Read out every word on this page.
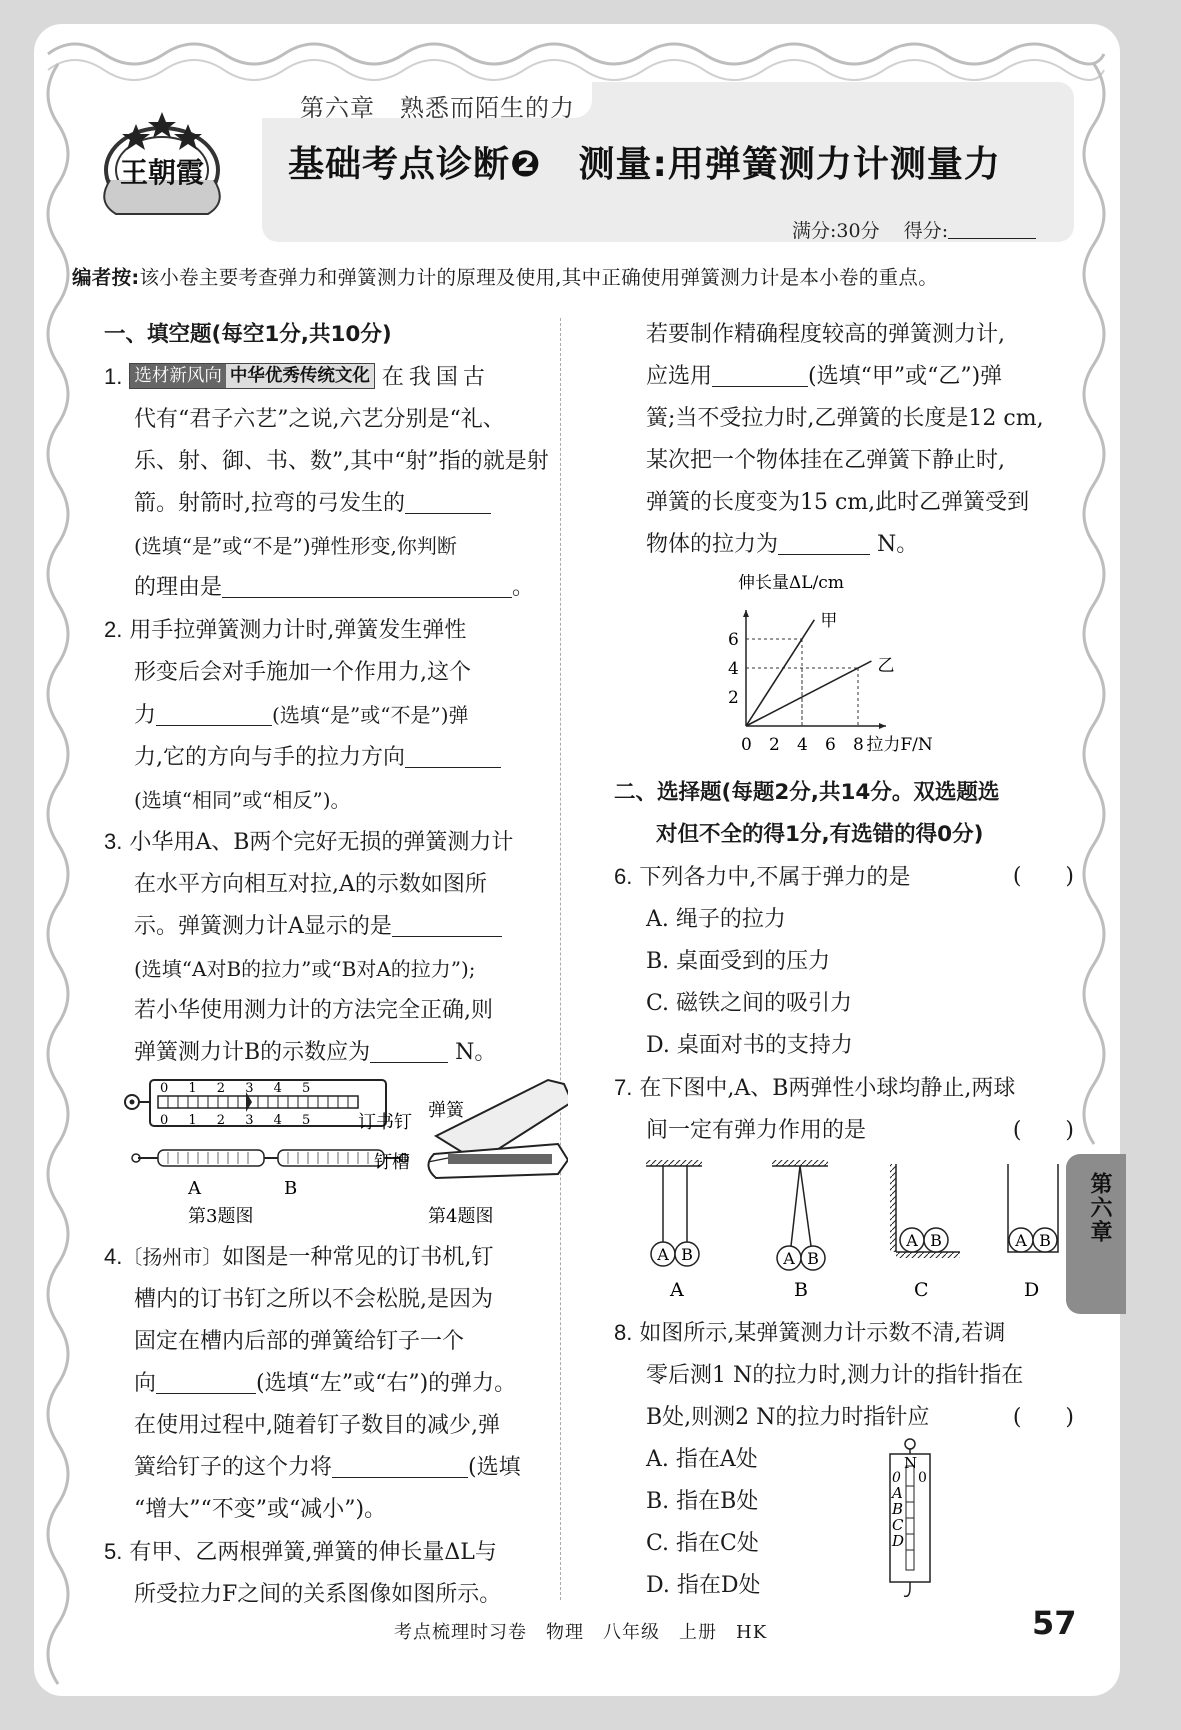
第六章　熟悉而陌生的力
基础考点诊断❷　测量:用弹簧测力计测量力
满分:30分 得分:
王朝霞
编者按:该小卷主要考查弹力和弹簧测力计的原理及使用,其中正确使用弹簧测力计是本小卷的重点。

一、填空题(每空1分,共10分)

1. 选材新风向 中华优秀传统文化 在我国古

代有“君子六艺”之说,六艺分别是“礼、

乐、射、御、书、数”,其中“射”指的就是射

箭。射箭时,拉弯的弓发生的

(选填“是”或“不是”)弹性形变,你判断

的理由是	。

2. 用手拉弹簧测力计时,弹簧发生弹性

形变后会对手施加一个作用力,这个

力	(选填“是”或“不是”)弹

力,它的方向与手的拉力方向

(选填“相同”或“相反”)。

3. 小华用A、B两个完好无损的弹簧测力计

在水平方向相互对拉,A的示数如图所

示。弹簧测力计A显示的是

(选填“A对B的拉力”或“B对A的拉力”);

若小华使用测力计的方法完全正确,则

弹簧测力计B的示数应为	N。

0 1 2 3 4 5
0 1 2 3 4 5
A	B
第3题图
订书钉
弹簧
钉槽
第4题图

4.〔扬州市〕如图是一种常见的订书机,钉

槽内的订书钉之所以不会松脱,是因为

固定在槽内后部的弹簧给钉子一个

向	(选填“左”或“右”)的弹力。

在使用过程中,随着钉子数目的减少,弹

簧给钉子的这个力将	(选填

“增大”“不变”或“减小”)。

5. 有甲、乙两根弹簧,弹簧的伸长量ΔL与

所受拉力F之间的关系图像如图所示。

若要制作精确程度较高的弹簧测力计,

应选用	(选填“甲”或“乙”)弹

簧;当不受拉力时,乙弹簧的长度是12 cm,

某次把一个物体挂在乙弹簧下静止时,

弹簧的长度变为15 cm,此时乙弹簧受到

物体的拉力为	N。

0 2 4 6 8
2
4
6
甲
乙
伸长量ΔL/cm
拉力F/N

二、选择题(每题2分,共14分。双选题选

对但不全的得1分,有选错的得0分)

6. 下列各力中,不属于弹力的是	(　　)

A. 绳子的拉力

B. 桌面受到的压力

C. 磁铁之间的吸引力

D. 桌面对书的支持力

7. 在下图中,A、B两弹性小球均静止,两球

间一定有弹力作用的是	(　　)

A B
A
A B
B
A B
C
A B
D

8. 如图所示,某弹簧测力计示数不清,若调

零后测1 N的拉力时,测力计的指针指在

B处,则测2 N的拉力时指针应	(　　)

A. 指在A处

B. 指在B处

C. 指在C处

D. 指在D处

N
0 0
A
B
C
D
第六章
考点梳理时习卷　物理　八年级　上册　HK	57
